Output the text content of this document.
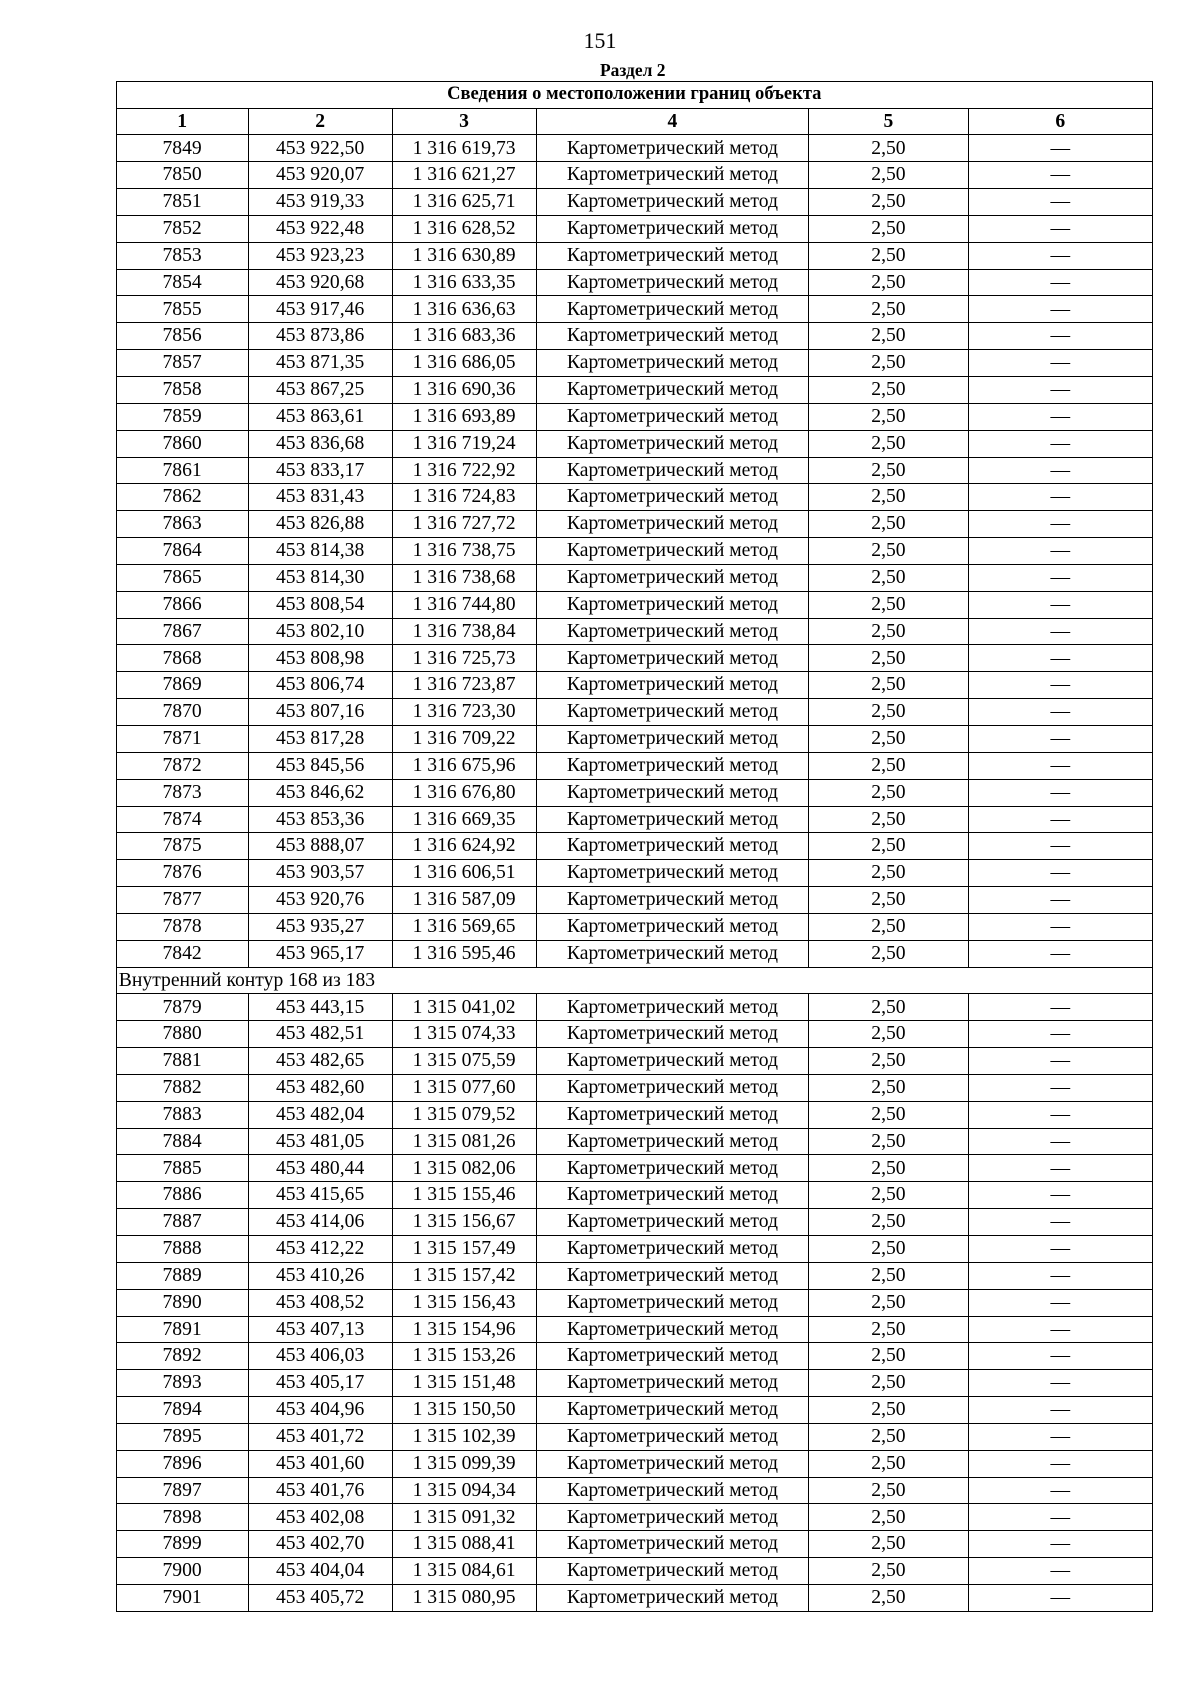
151
Раздел 2
Сведения о местоположении границ объекта					
1	2	3	4	5	6
7849	453 922,50	1 316 619,73	Картометрический метод	2,50	—
7850	453 920,07	1 316 621,27	Картометрический метод	2,50	—
7851	453 919,33	1 316 625,71	Картометрический метод	2,50	—
7852	453 922,48	1 316 628,52	Картометрический метод	2,50	—
7853	453 923,23	1 316 630,89	Картометрический метод	2,50	—
7854	453 920,68	1 316 633,35	Картометрический метод	2,50	—
7855	453 917,46	1 316 636,63	Картометрический метод	2,50	—
7856	453 873,86	1 316 683,36	Картометрический метод	2,50	—
7857	453 871,35	1 316 686,05	Картометрический метод	2,50	—
7858	453 867,25	1 316 690,36	Картометрический метод	2,50	—
7859	453 863,61	1 316 693,89	Картометрический метод	2,50	—
7860	453 836,68	1 316 719,24	Картометрический метод	2,50	—
7861	453 833,17	1 316 722,92	Картометрический метод	2,50	—
7862	453 831,43	1 316 724,83	Картометрический метод	2,50	—
7863	453 826,88	1 316 727,72	Картометрический метод	2,50	—
7864	453 814,38	1 316 738,75	Картометрический метод	2,50	—
7865	453 814,30	1 316 738,68	Картометрический метод	2,50	—
7866	453 808,54	1 316 744,80	Картометрический метод	2,50	—
7867	453 802,10	1 316 738,84	Картометрический метод	2,50	—
7868	453 808,98	1 316 725,73	Картометрический метод	2,50	—
7869	453 806,74	1 316 723,87	Картометрический метод	2,50	—
7870	453 807,16	1 316 723,30	Картометрический метод	2,50	—
7871	453 817,28	1 316 709,22	Картометрический метод	2,50	—
7872	453 845,56	1 316 675,96	Картометрический метод	2,50	—
7873	453 846,62	1 316 676,80	Картометрический метод	2,50	—
7874	453 853,36	1 316 669,35	Картометрический метод	2,50	—
7875	453 888,07	1 316 624,92	Картометрический метод	2,50	—
7876	453 903,57	1 316 606,51	Картометрический метод	2,50	—
7877	453 920,76	1 316 587,09	Картометрический метод	2,50	—
7878	453 935,27	1 316 569,65	Картометрический метод	2,50	—
7842	453 965,17	1 316 595,46	Картометрический метод	2,50	—
Внутренний контур 168 из 183					
7879	453 443,15	1 315 041,02	Картометрический метод	2,50	—
7880	453 482,51	1 315 074,33	Картометрический метод	2,50	—
7881	453 482,65	1 315 075,59	Картометрический метод	2,50	—
7882	453 482,60	1 315 077,60	Картометрический метод	2,50	—
7883	453 482,04	1 315 079,52	Картометрический метод	2,50	—
7884	453 481,05	1 315 081,26	Картометрический метод	2,50	—
7885	453 480,44	1 315 082,06	Картометрический метод	2,50	—
7886	453 415,65	1 315 155,46	Картометрический метод	2,50	—
7887	453 414,06	1 315 156,67	Картометрический метод	2,50	—
7888	453 412,22	1 315 157,49	Картометрический метод	2,50	—
7889	453 410,26	1 315 157,42	Картометрический метод	2,50	—
7890	453 408,52	1 315 156,43	Картометрический метод	2,50	—
7891	453 407,13	1 315 154,96	Картометрический метод	2,50	—
7892	453 406,03	1 315 153,26	Картометрический метод	2,50	—
7893	453 405,17	1 315 151,48	Картометрический метод	2,50	—
7894	453 404,96	1 315 150,50	Картометрический метод	2,50	—
7895	453 401,72	1 315 102,39	Картометрический метод	2,50	—
7896	453 401,60	1 315 099,39	Картометрический метод	2,50	—
7897	453 401,76	1 315 094,34	Картометрический метод	2,50	—
7898	453 402,08	1 315 091,32	Картометрический метод	2,50	—
7899	453 402,70	1 315 088,41	Картометрический метод	2,50	—
7900	453 404,04	1 315 084,61	Картометрический метод	2,50	—
7901	453 405,72	1 315 080,95	Картометрический метод	2,50	—
